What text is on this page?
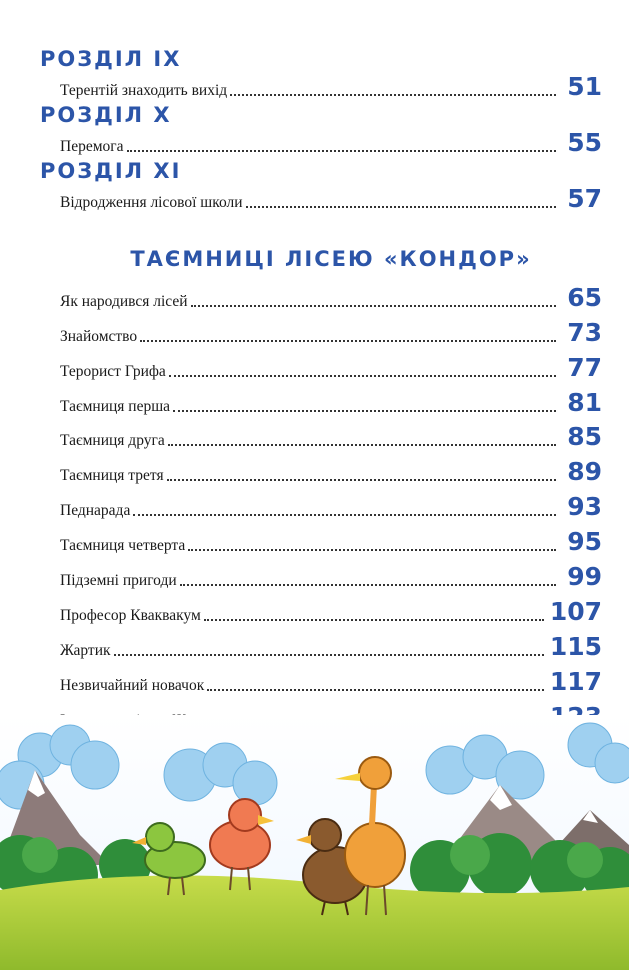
РОЗДІЛ ІХ
Терентій знаходить вихід	51
РОЗДІЛ Х
Перемога	55
РОЗДІЛ ХІ
Відродження лісової школи	57
ТАЄМНИЦІ ЛІСЕЮ «КОНДОР»
Як народився лісей	65
Знайомство	73
Терорист Грифа	77
Таємниця перша	81
Таємниця друга	85
Таємниця третя	89
Педнарада	93
Таємниця четверта	95
Підземні пригоди	99
Професор Кваквакум	107
Жартик	115
Незвичайний новачок	117
